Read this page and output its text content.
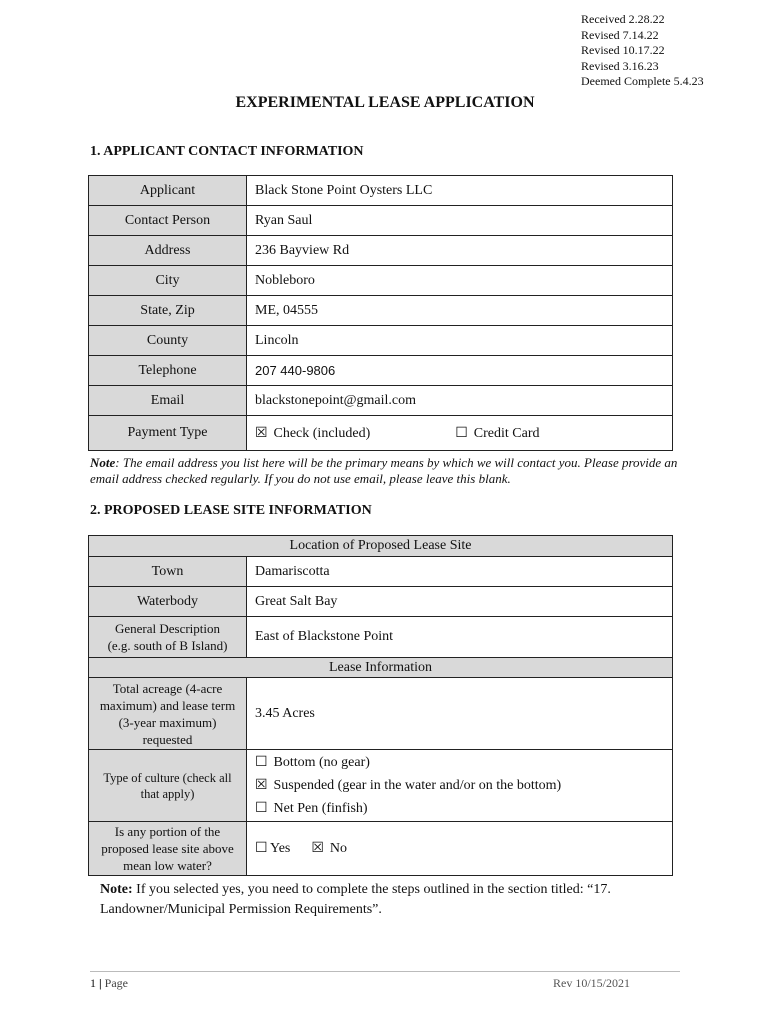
Received 2.28.22
Revised 7.14.22
Revised 10.17.22
Revised 3.16.23
Deemed Complete 5.4.23
EXPERIMENTAL LEASE APPLICATION
1. APPLICANT CONTACT INFORMATION
Applicant	Black Stone Point Oysters LLC
Contact Person	Ryan Saul
Address	236 Bayview Rd
City	Nobleboro
State, Zip	ME, 04555
County	Lincoln
Telephone	207 440-9806
Email	blackstonepoint@gmail.com
Payment Type	☒ Check (included) ☐ Credit Card
Note: The email address you list here will be the primary means by which we will contact you. Please provide an email address checked regularly. If you do not use email, please leave this blank.
2. PROPOSED LEASE SITE INFORMATION
Location of Proposed Lease Site	
Town	Damariscotta
Waterbody	Great Salt Bay

General Description
(e.g. south of B Island)	East of Blackstone Point
Lease Information	
Total acreage (4-acre maximum) and lease term (3-year maximum) requested	3.45 Acres
Type of culture (check all that apply)	☐ Bottom (no gear)
☒ Suspended (gear in the water and/or on the bottom)
☐ Net Pen (finfish)

Is any portion of the proposed lease site above mean low water?	☐ Yes ☒ No
Note: If you selected yes, you need to complete the steps outlined in the section titled: “17. Landowner/Municipal Permission Requirements”.
1 | Page	Rev 10/15/2021
